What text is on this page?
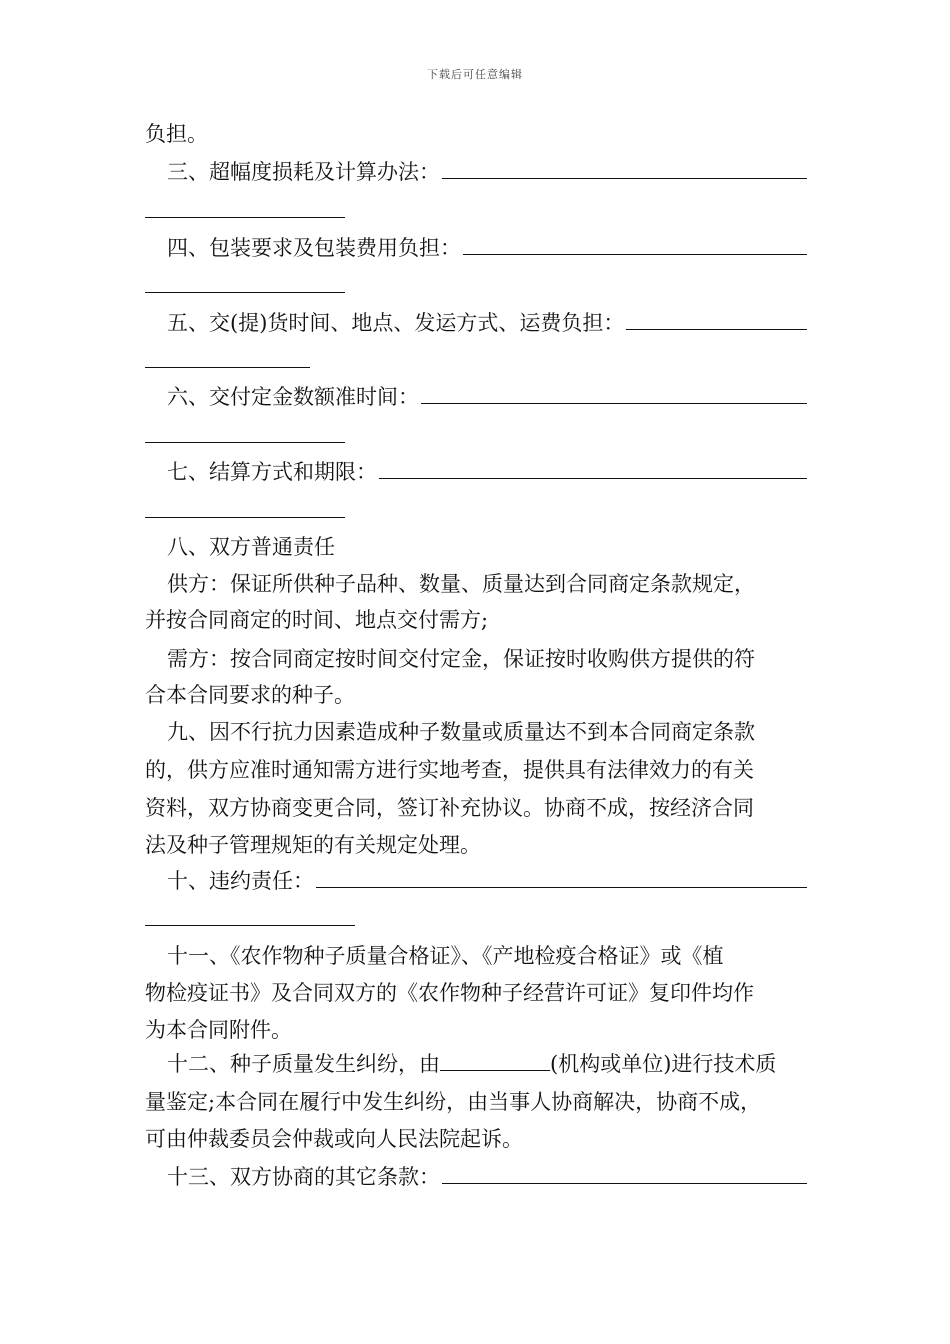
下载后可任意编辑
负担。
三、超幅度损耗及计算办法：
四、包装要求及包装费用负担：
五、交(提)货时间、地点、发运方式、运费负担：
六、交付定金数额准时间：
七、结算方式和期限：
八、双方普通责任
供方：保证所供种子品种、数量、质量达到合同商定条款规定，
并按合同商定的时间、地点交付需方;
需方：按合同商定按时间交付定金，保证按时收购供方提供的符
合本合同要求的种子。
九、因不行抗力因素造成种子数量或质量达不到本合同商定条款
的，供方应准时通知需方进行实地考查，提供具有法律效力的有关
资料，双方协商变更合同，签订补充协议。协商不成，按经济合同
法及种子管理规矩的有关规定处理。
十、违约责任：
十一、《农作物种子质量合格证》、《产地检疫合格证》或《植
物检疫证书》及合同双方的《农作物种子经营许可证》复印件均作
为本合同附件。
十二、种子质量发生纠纷，由	(机构或单位)进行技术质
量鉴定;本合同在履行中发生纠纷，由当事人协商解决，协商不成，
可由仲裁委员会仲裁或向人民法院起诉。
十三、双方协商的其它条款：
